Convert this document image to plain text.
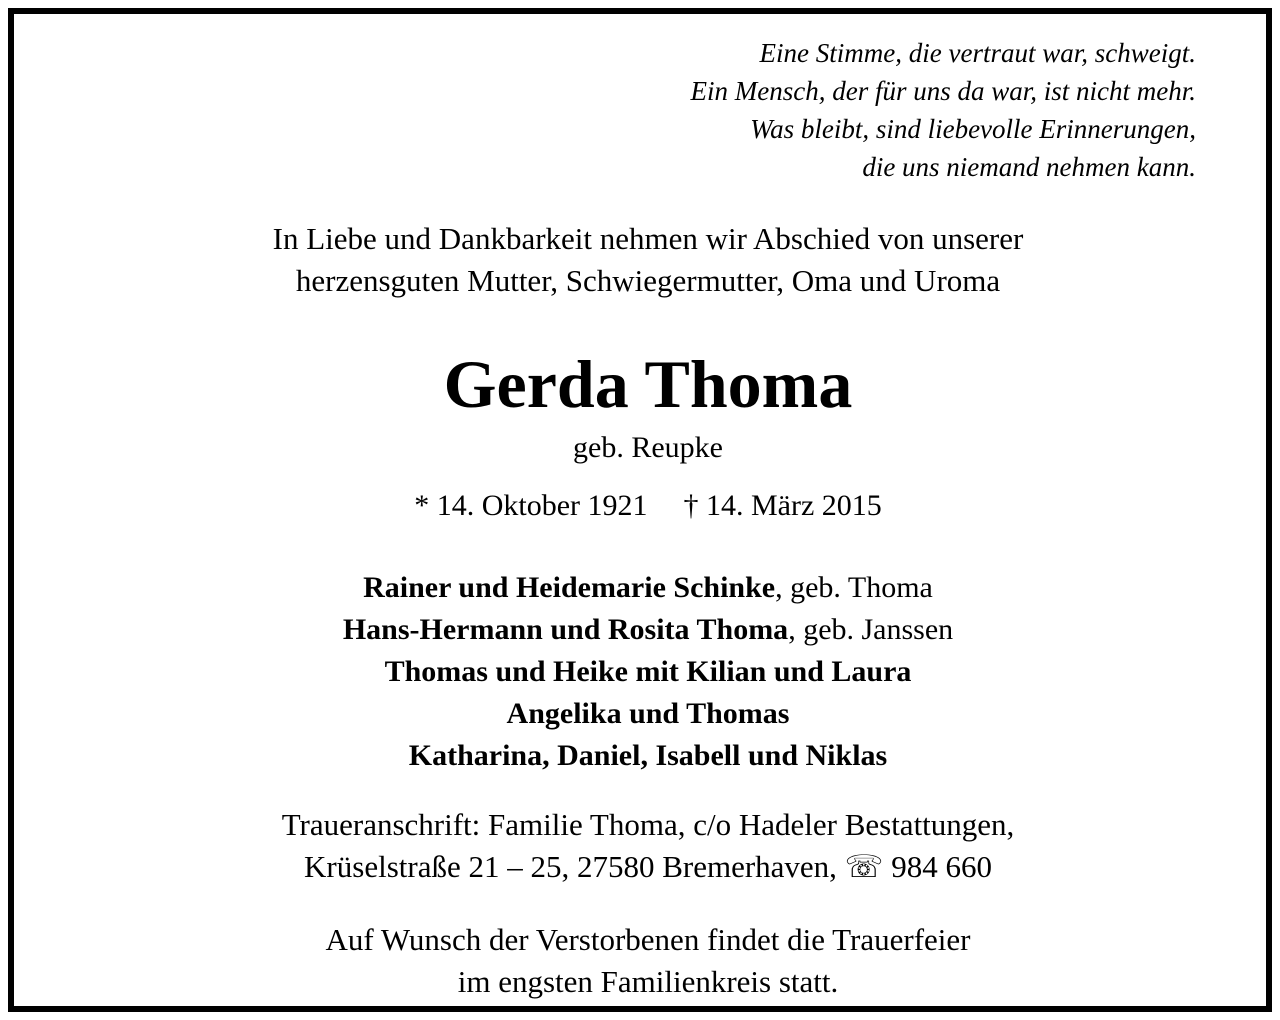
Eine Stimme, die vertraut war, schweigt.
Ein Mensch, der für uns da war, ist nicht mehr.
Was bleibt, sind liebevolle Erinnerungen,
die uns niemand nehmen kann.
In Liebe und Dankbarkeit nehmen wir Abschied von unserer
herzensguten Mutter, Schwiegermutter, Oma und Uroma
Gerda Thoma
geb. Reupke
* 14. Oktober 1921 † 14. März 2015
Rainer und Heidemarie Schinke, geb. Thoma
Hans-Hermann und Rosita Thoma, geb. Janssen
Thomas und Heike mit Kilian und Laura
Angelika und Thomas
Katharina, Daniel, Isabell und Niklas
Traueranschrift: Familie Thoma, c/o Hadeler Bestattungen,
Krüselstraße 21 – 25, 27580 Bremerhaven, ☏ 984 660
Auf Wunsch der Verstorbenen findet die Trauerfeier
im engsten Familienkreis statt.
